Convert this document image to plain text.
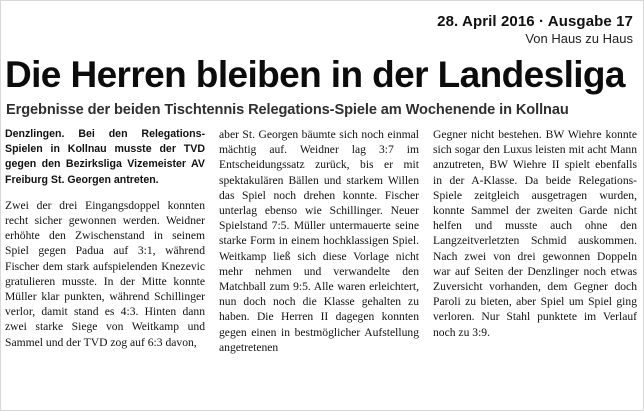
28. April 2016 · Ausgabe 17
Von Haus zu Haus
Die Herren bleiben in der Landesliga
Ergebnisse der beiden Tischtennis Relegations-Spiele am Wochenende in Kollnau

Denzlingen. Bei den RelegationsSpielen in Kollnau musste der TVD gegen den Bezirksliga Vizemeister AV Freiburg St. Georgen antreten.

Zwei der drei Eingangsdoppel konnten recht sicher gewonnen werden. Weidner erhöhte den Zwischenstand in seinem Spiel gegen Padua auf 3:1, während Fischer dem stark aufspielenden Knezevic gratulieren musste. In der Mitte konnte Müller klar punkten, während Schillinger verlor, damit stand es 4:3. Hinten dann zwei starke Siege von Weitkamp und Sammel und der TVD zog auf 6:3 davon,

aber St. Georgen bäumte sich noch einmal mächtig auf. Weidner lag 3:7 im Entscheidungssatz zurück, bis er mit spektakulären Bällen und starkem Willen das Spiel noch drehen konnte. Fischer unterlag ebenso wie Schillinger. Neuer Spielstand 7:5. Müller untermauerte seine starke Form in einem hochklassigen Spiel. Weitkamp ließ sich diese Vorlage nicht mehr nehmen und verwandelte den Matchball zum 9:5. Alle waren erleichtert, nun doch noch die Klasse gehalten zu haben. Die Herren II dagegen konnten gegen einen in bestmöglicher Aufstellung angetretenen

Gegner nicht bestehen. BW Wiehre konnte sich sogar den Luxus leisten mit acht Mann anzutreten, BW Wiehre II spielt ebenfalls in der A-Klasse. Da beide Relegations-Spiele zeitgleich ausgetragen wurden, konnte Sammel der zweiten Garde nicht helfen und musste auch ohne den Langzeitverletzten Schmid auskommen. Nach zwei von drei gewonnen Doppeln war auf Seiten der Denzlinger noch etwas Zuversicht vorhanden, dem Gegner doch Paroli zu bieten, aber Spiel um Spiel ging verloren. Nur Stahl punktete im Verlauf noch zu 3:9.
